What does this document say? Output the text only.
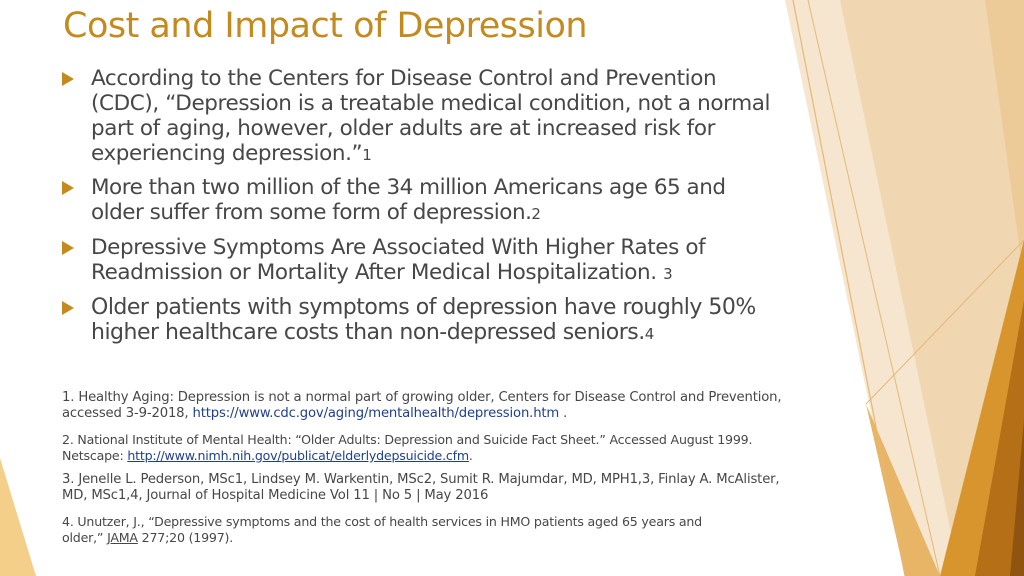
Cost and Impact of Depression
According to the Centers for Disease Control and Prevention
(CDC), “Depression is a treatable medical condition, not a normal
part of aging, however, older adults are at increased risk for
experiencing depression.”1
More than two million of the 34 million Americans age 65 and
older suffer from some form of depression.2
Depressive Symptoms Are Associated With Higher Rates of
Readmission or Mortality After Medical Hospitalization. 3
Older patients with symptoms of depression have roughly 50%
higher healthcare costs than non-depressed seniors.4
1. Healthy Aging: Depression is not a normal part of growing older, Centers for Disease Control and Prevention,
accessed 3-9-2018, https://www.cdc.gov/aging/mentalhealth/depression.htm .
2. National Institute of Mental Health: “Older Adults: Depression and Suicide Fact Sheet.” Accessed August 1999.
Netscape: http://www.nimh.nih.gov/publicat/elderlydepsuicide.cfm.
3. Jenelle L. Pederson, MSc1, Lindsey M. Warkentin, MSc2, Sumit R. Majumdar, MD, MPH1,3, Finlay A. McAlister,
MD, MSc1,4, Journal of Hospital Medicine Vol 11 | No 5 | May 2016
4. Unutzer, J., “Depressive symptoms and the cost of health services in HMO patients aged 65 years and
older,” JAMA 277;20 (1997).
